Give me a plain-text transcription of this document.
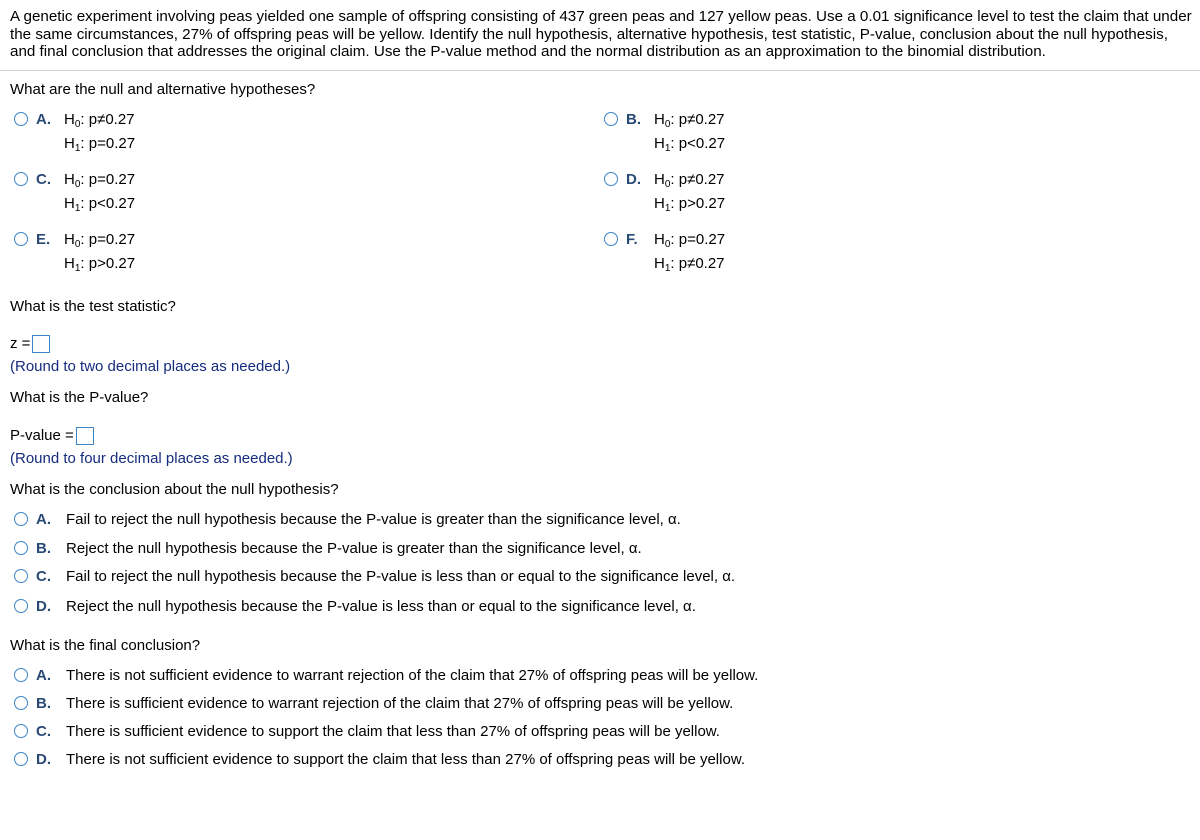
A genetic experiment involving peas yielded one sample of offspring consisting of 437 green peas and 127 yellow peas. Use a 0.01 significance level to test the claim that under the same circumstances, 27% of offspring peas will be yellow. Identify the null hypothesis, alternative hypothesis, test statistic, P-value, conclusion about the null hypothesis, and final conclusion that addresses the original claim. Use the P-value method and the normal distribution as an approximation to the binomial distribution.
What are the null and alternative hypotheses?
A. $H_0$: p≠0.27
$H_1$: p=0.27
B. $H_0$: p≠0.27
$H_1$: p<0.27
C. $H_0$: p=0.27
$H_1$: p<0.27
D. $H_0$: p≠0.27
$H_1$: p>0.27
E. $H_0$: p=0.27
$H_1$: p>0.27
F. $H_0$: p=0.27
$H_1$: p≠0.27
What is the test statistic?
z =
(Round to two decimal places as needed.)
What is the P-value?
P-value =
(Round to four decimal places as needed.)
What is the conclusion about the null hypothesis?
A. Fail to reject the null hypothesis because the P-value is greater than the significance level, α.
B. Reject the null hypothesis because the P-value is greater than the significance level, α.
C. Fail to reject the null hypothesis because the P-value is less than or equal to the significance level, α.
D. Reject the null hypothesis because the P-value is less than or equal to the significance level, α.
What is the final conclusion?
A. There is not sufficient evidence to warrant rejection of the claim that 27% of offspring peas will be yellow.
B. There is sufficient evidence to warrant rejection of the claim that 27% of offspring peas will be yellow.
C. There is sufficient evidence to support the claim that less than 27% of offspring peas will be yellow.
D. There is not sufficient evidence to support the claim that less than 27% of offspring peas will be yellow.
